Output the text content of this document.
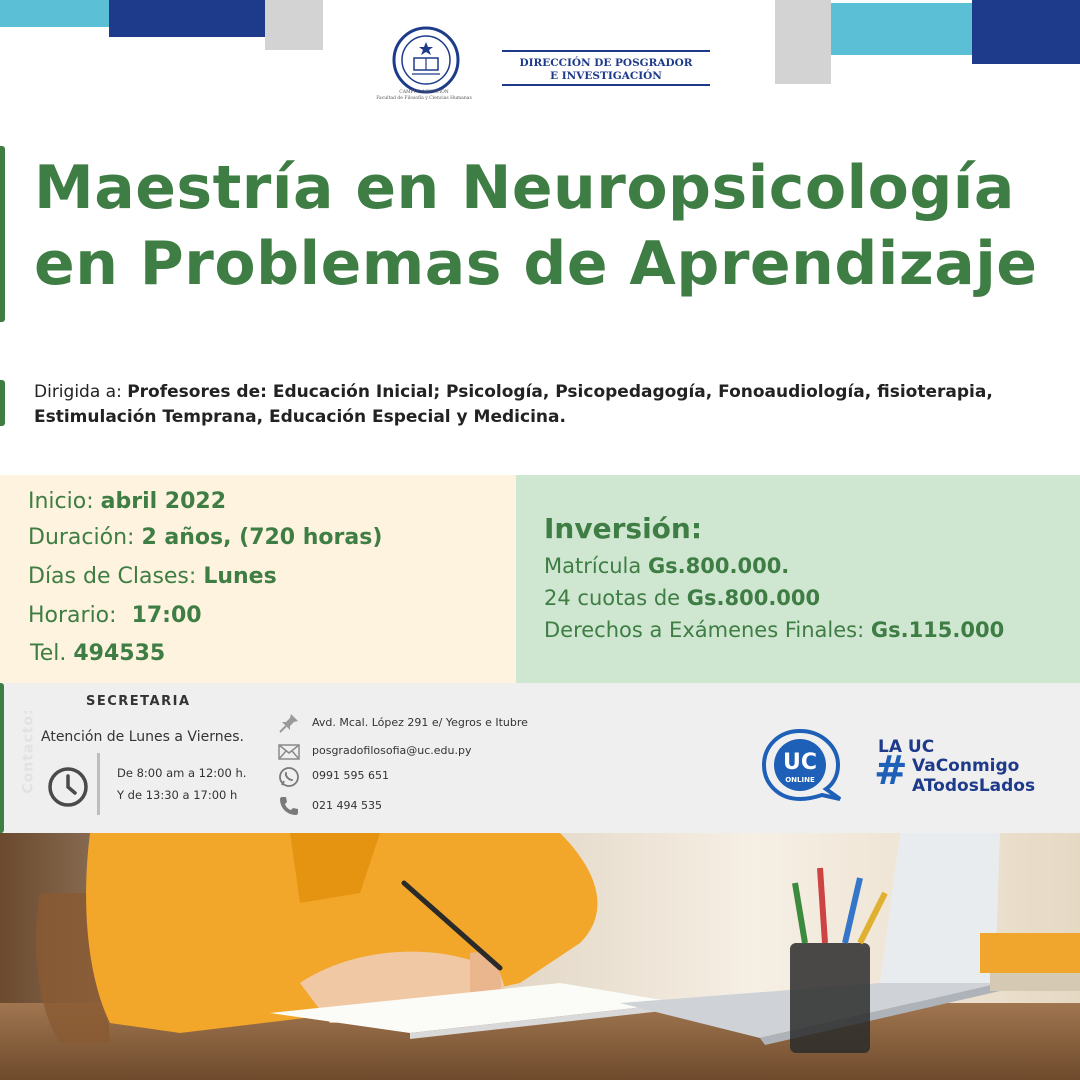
CAMPUS ASUNCIÓN
Facultad de Filosofía y Ciencias Humanas
DIRECCIÓN DE POSGRADOR
E INVESTIGACIÓN
Maestría en Neuropsicología
en Problemas de Aprendizaje

Dirigida a: Profesores de: Educación Inicial; Psicología, Psicopedagogía, Fonoaudiología, fisioterapia, Estimulación Temprana, Educación Especial y Medicina.

Inicio: abril 2022
Duración: 2 años, (720 horas)
Días de Clases: Lunes
Horario: 17:00
Tel. 494535
Inversión:
Matrícula Gs.800.000.
24 cuotas de Gs.800.000
Derechos a Exámenes Finales: Gs.115.000
Contacto:
SECRETARIA
Atención de Lunes a Viernes.
De 8:00 am a 12:00 h.
Y de 13:30 a 17:00 h
Avd. Mcal. López 291 e/ Yegros e Itubre
posgradofilosofia@uc.edu.py
0991 595 651
021 494 535
UC
ONLINE
LA UC
# VaConmigo
ATodosLados
